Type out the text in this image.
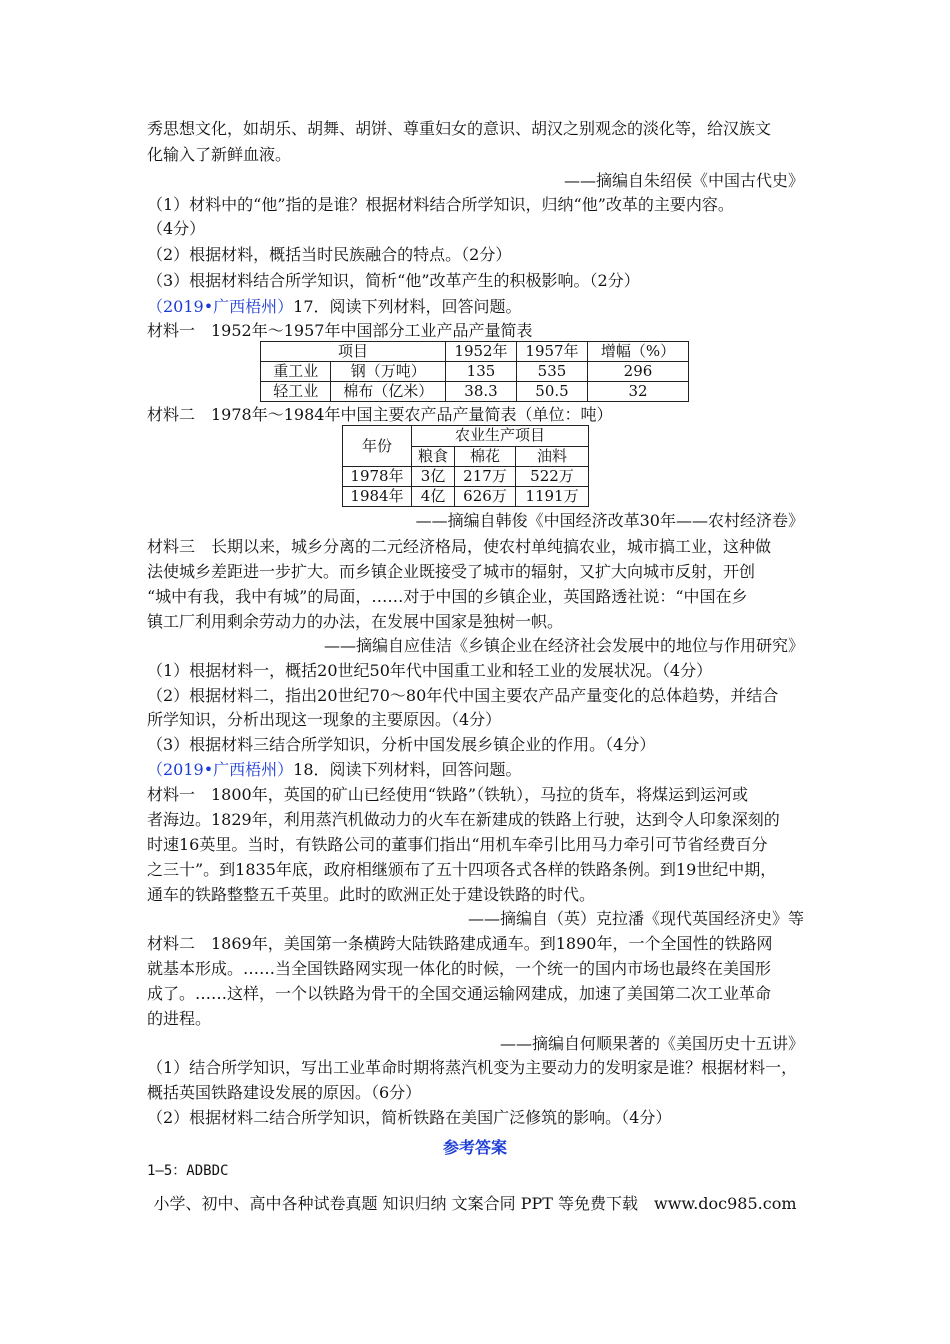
秀思想文化，如胡乐、胡舞、胡饼、尊重妇女的意识、胡汉之别观念的淡化等，给汉族文
化输入了新鲜血液。
——摘编自朱绍侯《中国古代史》
（1）材料中的“他”指的是谁？根据材料结合所学知识，归纳“他”改革的主要内容。
（4分）
（2）根据材料，概括当时民族融合的特点。（2分）
（3）根据材料结合所学知识，简析“他”改革产生的积极影响。（2分）
（2019•广西梧州）17．阅读下列材料，回答问题。
材料一　1952年～1957年中国部分工业产品产量简表
项目		1952年	1957年	增幅（%）
重工业	钢（万吨）	135	535	296
轻工业	棉布（亿米）	38.3	50.5	32
材料二　1978年～1984年中国主要农产品产量简表（单位：吨）
年份	农业生产项目		
	粮食	棉花	油料
1978年	3亿	217万	522万
1984年	4亿	626万	1191万
——摘编自韩俊《中国经济改革30年——农村经济卷》
材料三　长期以来，城乡分离的二元经济格局，使农村单纯搞农业，城市搞工业，这种做
法使城乡差距进一步扩大。而乡镇企业既接受了城市的辐射，又扩大向城市反射，开创
“城中有我，我中有城”的局面，……对于中国的乡镇企业，英国路透社说：“中国在乡
镇工厂利用剩余劳动力的办法，在发展中国家是独树一帜。
——摘编自应佳洁《乡镇企业在经济社会发展中的地位与作用研究》
（1）根据材料一，概括20世纪50年代中国重工业和轻工业的发展状况。（4分）
（2）根据材料二，指出20世纪70～80年代中国主要农产品产量变化的总体趋势，并结合
所学知识，分析出现这一现象的主要原因。（4分）
（3）根据材料三结合所学知识，分析中国发展乡镇企业的作用。（4分）
（2019•广西梧州）18．阅读下列材料，回答问题。
材料一　1800年，英国的矿山已经使用“铁路”（铁轨），马拉的货车，将煤运到运河或
者海边。1829年，利用蒸汽机做动力的火车在新建成的铁路上行驶，达到令人印象深刻的
时速16英里。当时，有铁路公司的董事们指出“用机车牵引比用马力牵引可节省经费百分
之三十”。到1835年底，政府相继颁布了五十四项各式各样的铁路条例。到19世纪中期，
通车的铁路整整五千英里。此时的欧洲正处于建设铁路的时代。
——摘编自（英）克拉潘《现代英国经济史》等
材料二　1869年，美国第一条横跨大陆铁路建成通车。到1890年，一个全国性的铁路网
就基本形成。……当全国铁路网实现一体化的时候，一个统一的国内市场也最终在美国形
成了。……这样，一个以铁路为骨干的全国交通运输网建成，加速了美国第二次工业革命
的进程。
——摘编自何顺果著的《美国历史十五讲》
（1）结合所学知识，写出工业革命时期将蒸汽机变为主要动力的发明家是谁？根据材料一，
概括英国铁路建设发展的原因。（6分）
（2）根据材料二结合所学知识，简析铁路在美国广泛修筑的影响。（4分）
参考答案
1—5：ADBDC
小学、初中、高中各种试卷真题 知识归纳 文案合同 PPT 等免费下载　www.doc985.com
